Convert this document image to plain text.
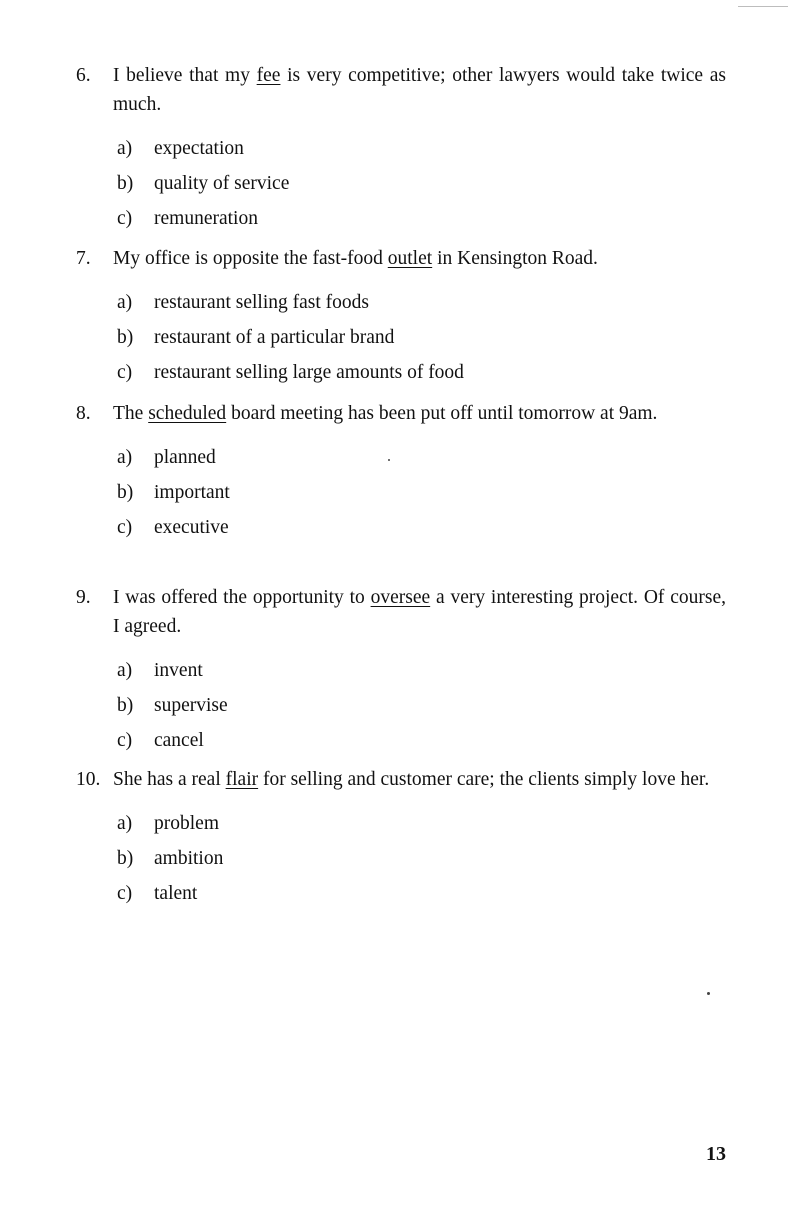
6. I believe that my fee is very competitive; other lawyers would take twice as much.
a) expectation
b) quality of service
c) remuneration
7. My office is opposite the fast-food outlet in Kensington Road.
a) restaurant selling fast foods
b) restaurant of a particular brand
c) restaurant selling large amounts of food
8. The scheduled board meeting has been put off until tomorrow at 9am.
a) planned
b) important
c) executive
9. I was offered the opportunity to oversee a very interesting project. Of course, I agreed.
a) invent
b) supervise
c) cancel
10. She has a real flair for selling and customer care; the clients simply love her.
a) problem
b) ambition
c) talent
13
